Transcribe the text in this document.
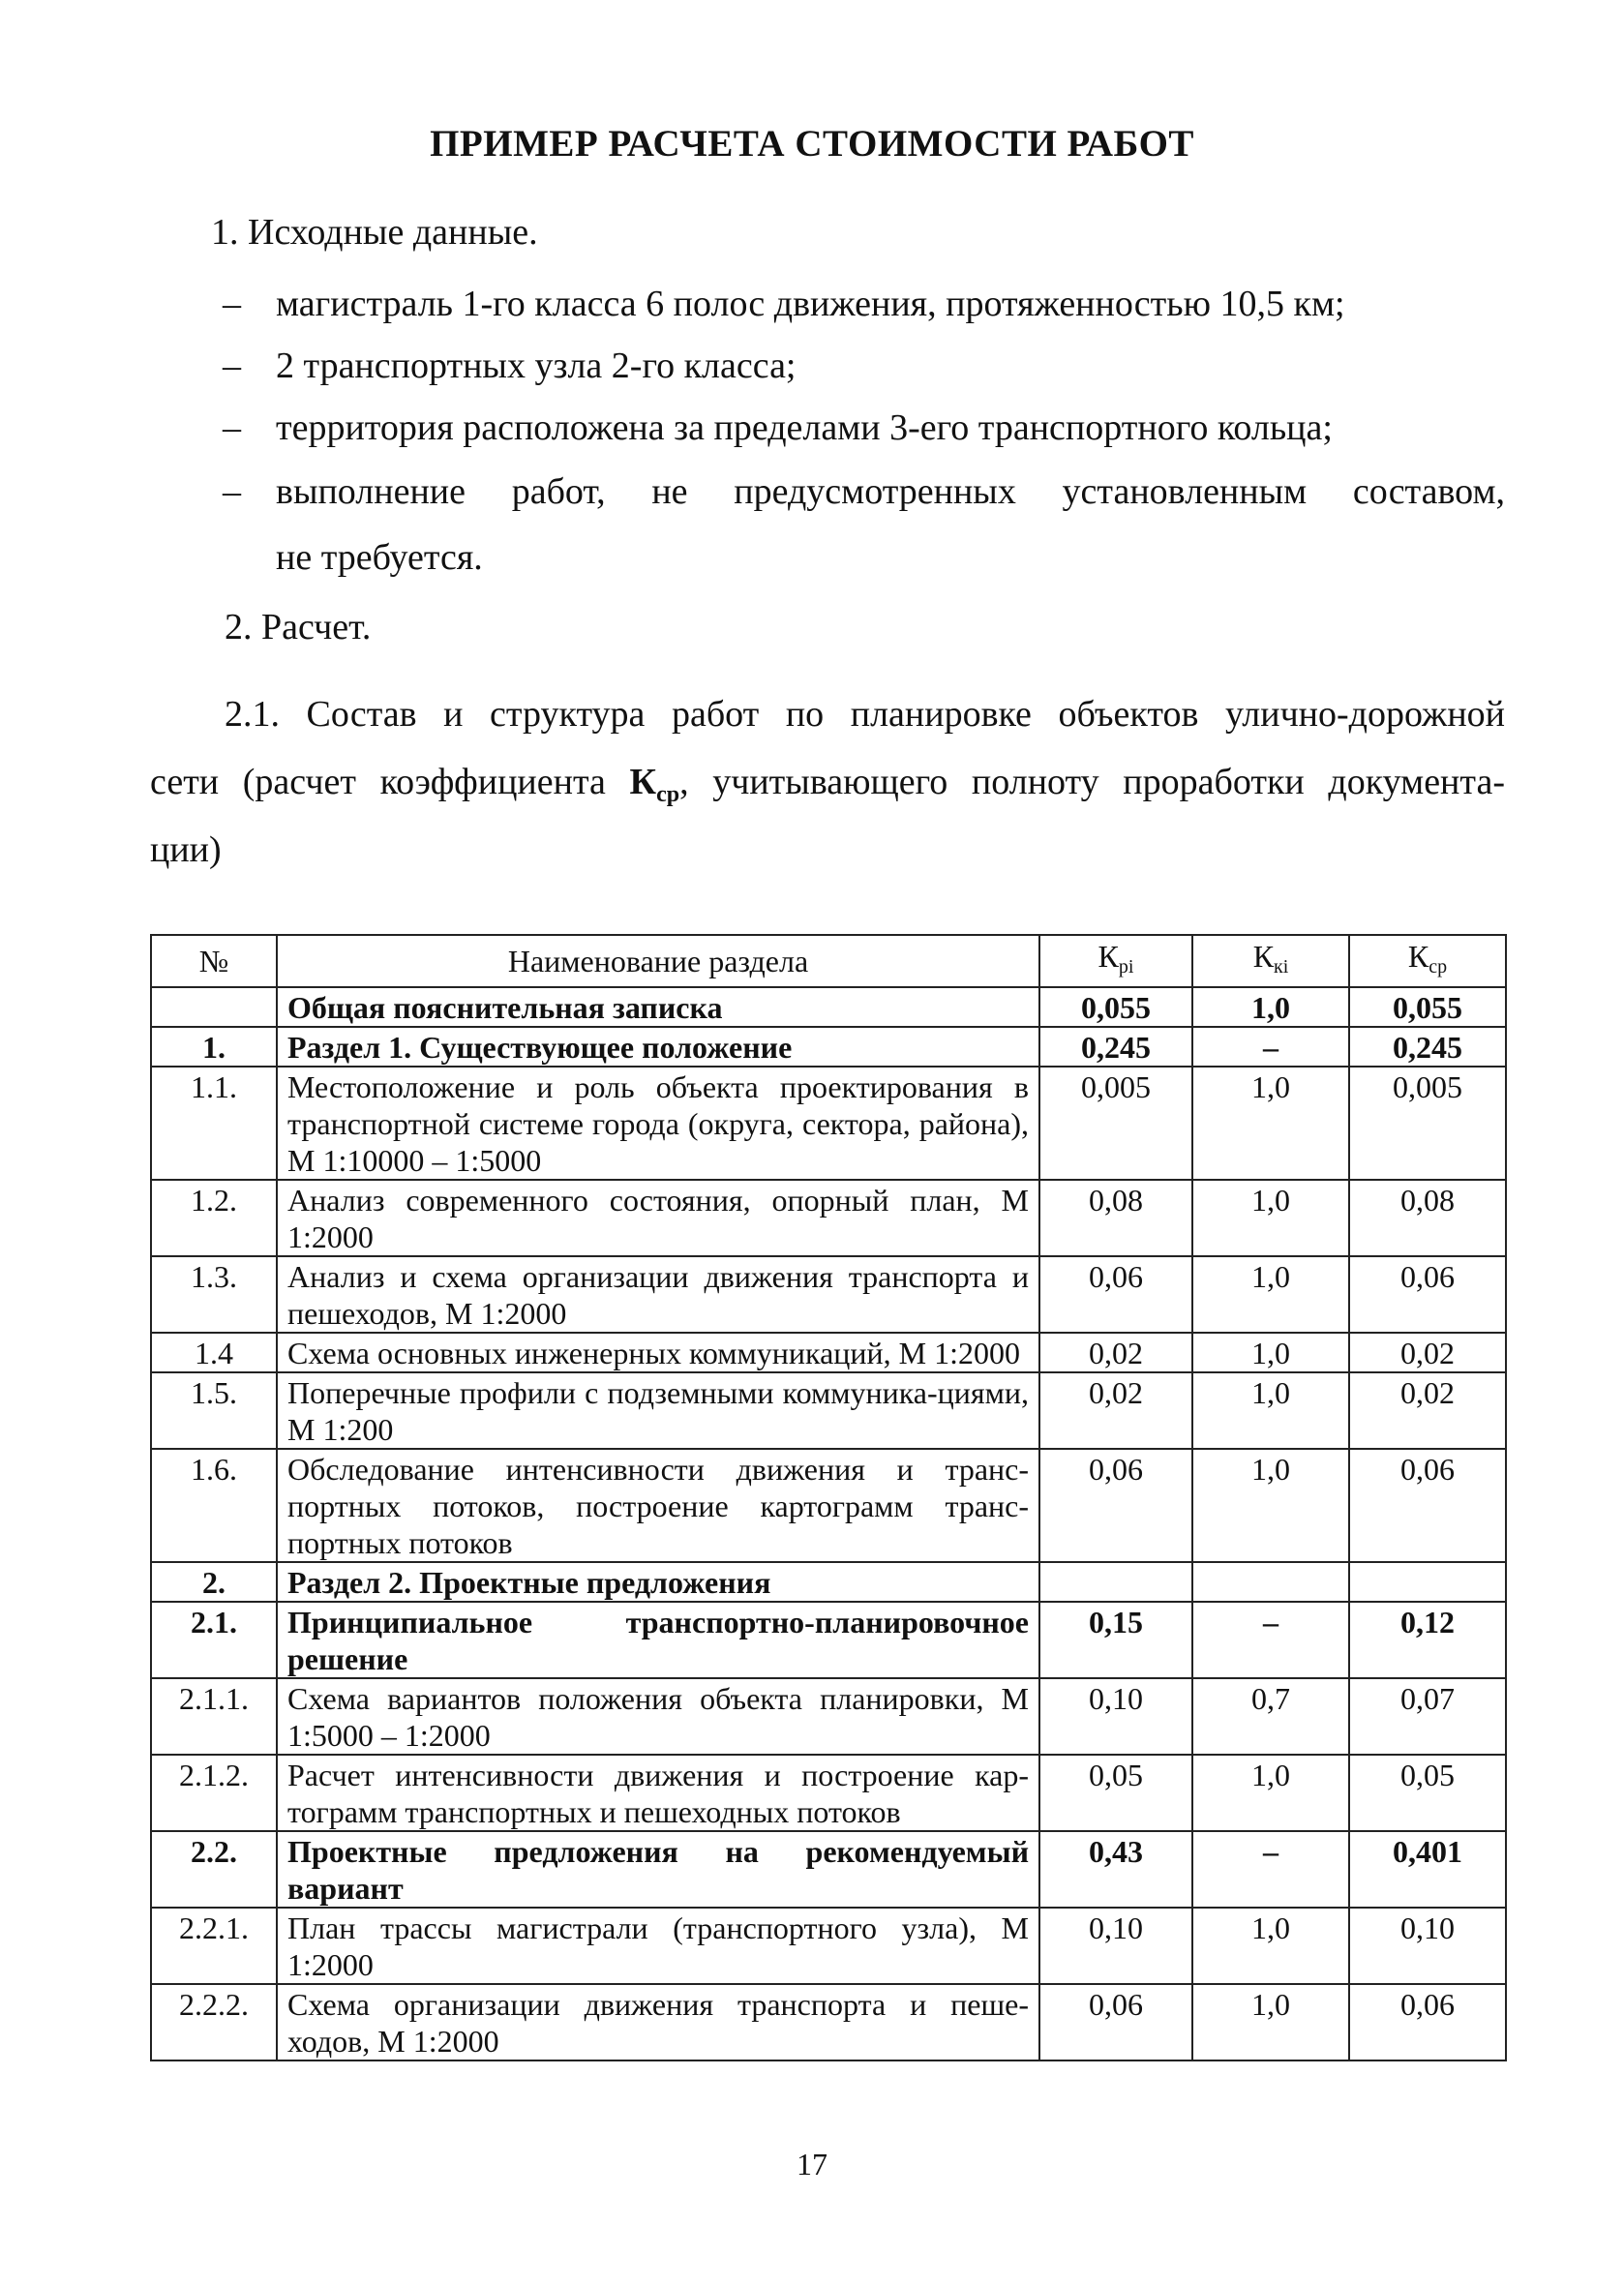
ПРИМЕР РАСЧЕТА СТОИМОСТИ РАБОТ
1. Исходные данные.
– магистраль 1-го класса 6 полос движения, протяженностью 10,5 км;
– 2 транспортных узла 2-го класса;
– территория расположена за пределами 3-его транспортного кольца;
– выполнение работ, не предусмотренных установленным составом,
не требуется.
2. Расчет.
2.1. Состав и структура работ по планировке объектов улично-дорожной
сети (расчет коэффициента $К_{ср}$, учитывающего полноту проработки документа-
ции)
№	Наименование раздела	Кpi	Ккi	Кср
	Общая пояснительная записка	0,055	1,0	0,055
1.	Раздел 1. Существующее положение	0,245	–	0,245
1.1.	Местоположение и роль объекта проектирования в транспортной системе города (округа, сектора, района), М 1:10000 – 1:5000	0,005	1,0	0,005
1.2.	Анализ современного состояния, опорный план, М 1:2000	0,08	1,0	0,08
1.3.	Анализ и схема организации движения транспорта и пешеходов, М 1:2000	0,06	1,0	0,06
1.4	Схема основных инженерных коммуникаций, М 1:2000	0,02	1,0	0,02
1.5.	Поперечные профили с подземными коммуника-циями, М 1:200	0,02	1,0	0,02
1.6.	Обследование интенсивности движения и транс-портных потоков, построение картограмм транс-портных потоков	0,06	1,0	0,06
2.	Раздел 2. Проектные предложения			
2.1.	Принципиальное транспортно-планировочное решение	0,15	–	0,12
2.1.1.	Схема вариантов положения объекта планировки, М 1:5000 – 1:2000	0,10	0,7	0,07
2.1.2.	Расчет интенсивности движения и построение кар-тограмм транспортных и пешеходных потоков	0,05	1,0	0,05
2.2.	Проектные предложения на рекомендуемый вариант	0,43	–	0,401
2.2.1.	План трассы магистрали (транспортного узла), М 1:2000	0,10	1,0	0,10
2.2.2.	Схема организации движения транспорта и пеше-ходов, М 1:2000	0,06	1,0	0,06
17
